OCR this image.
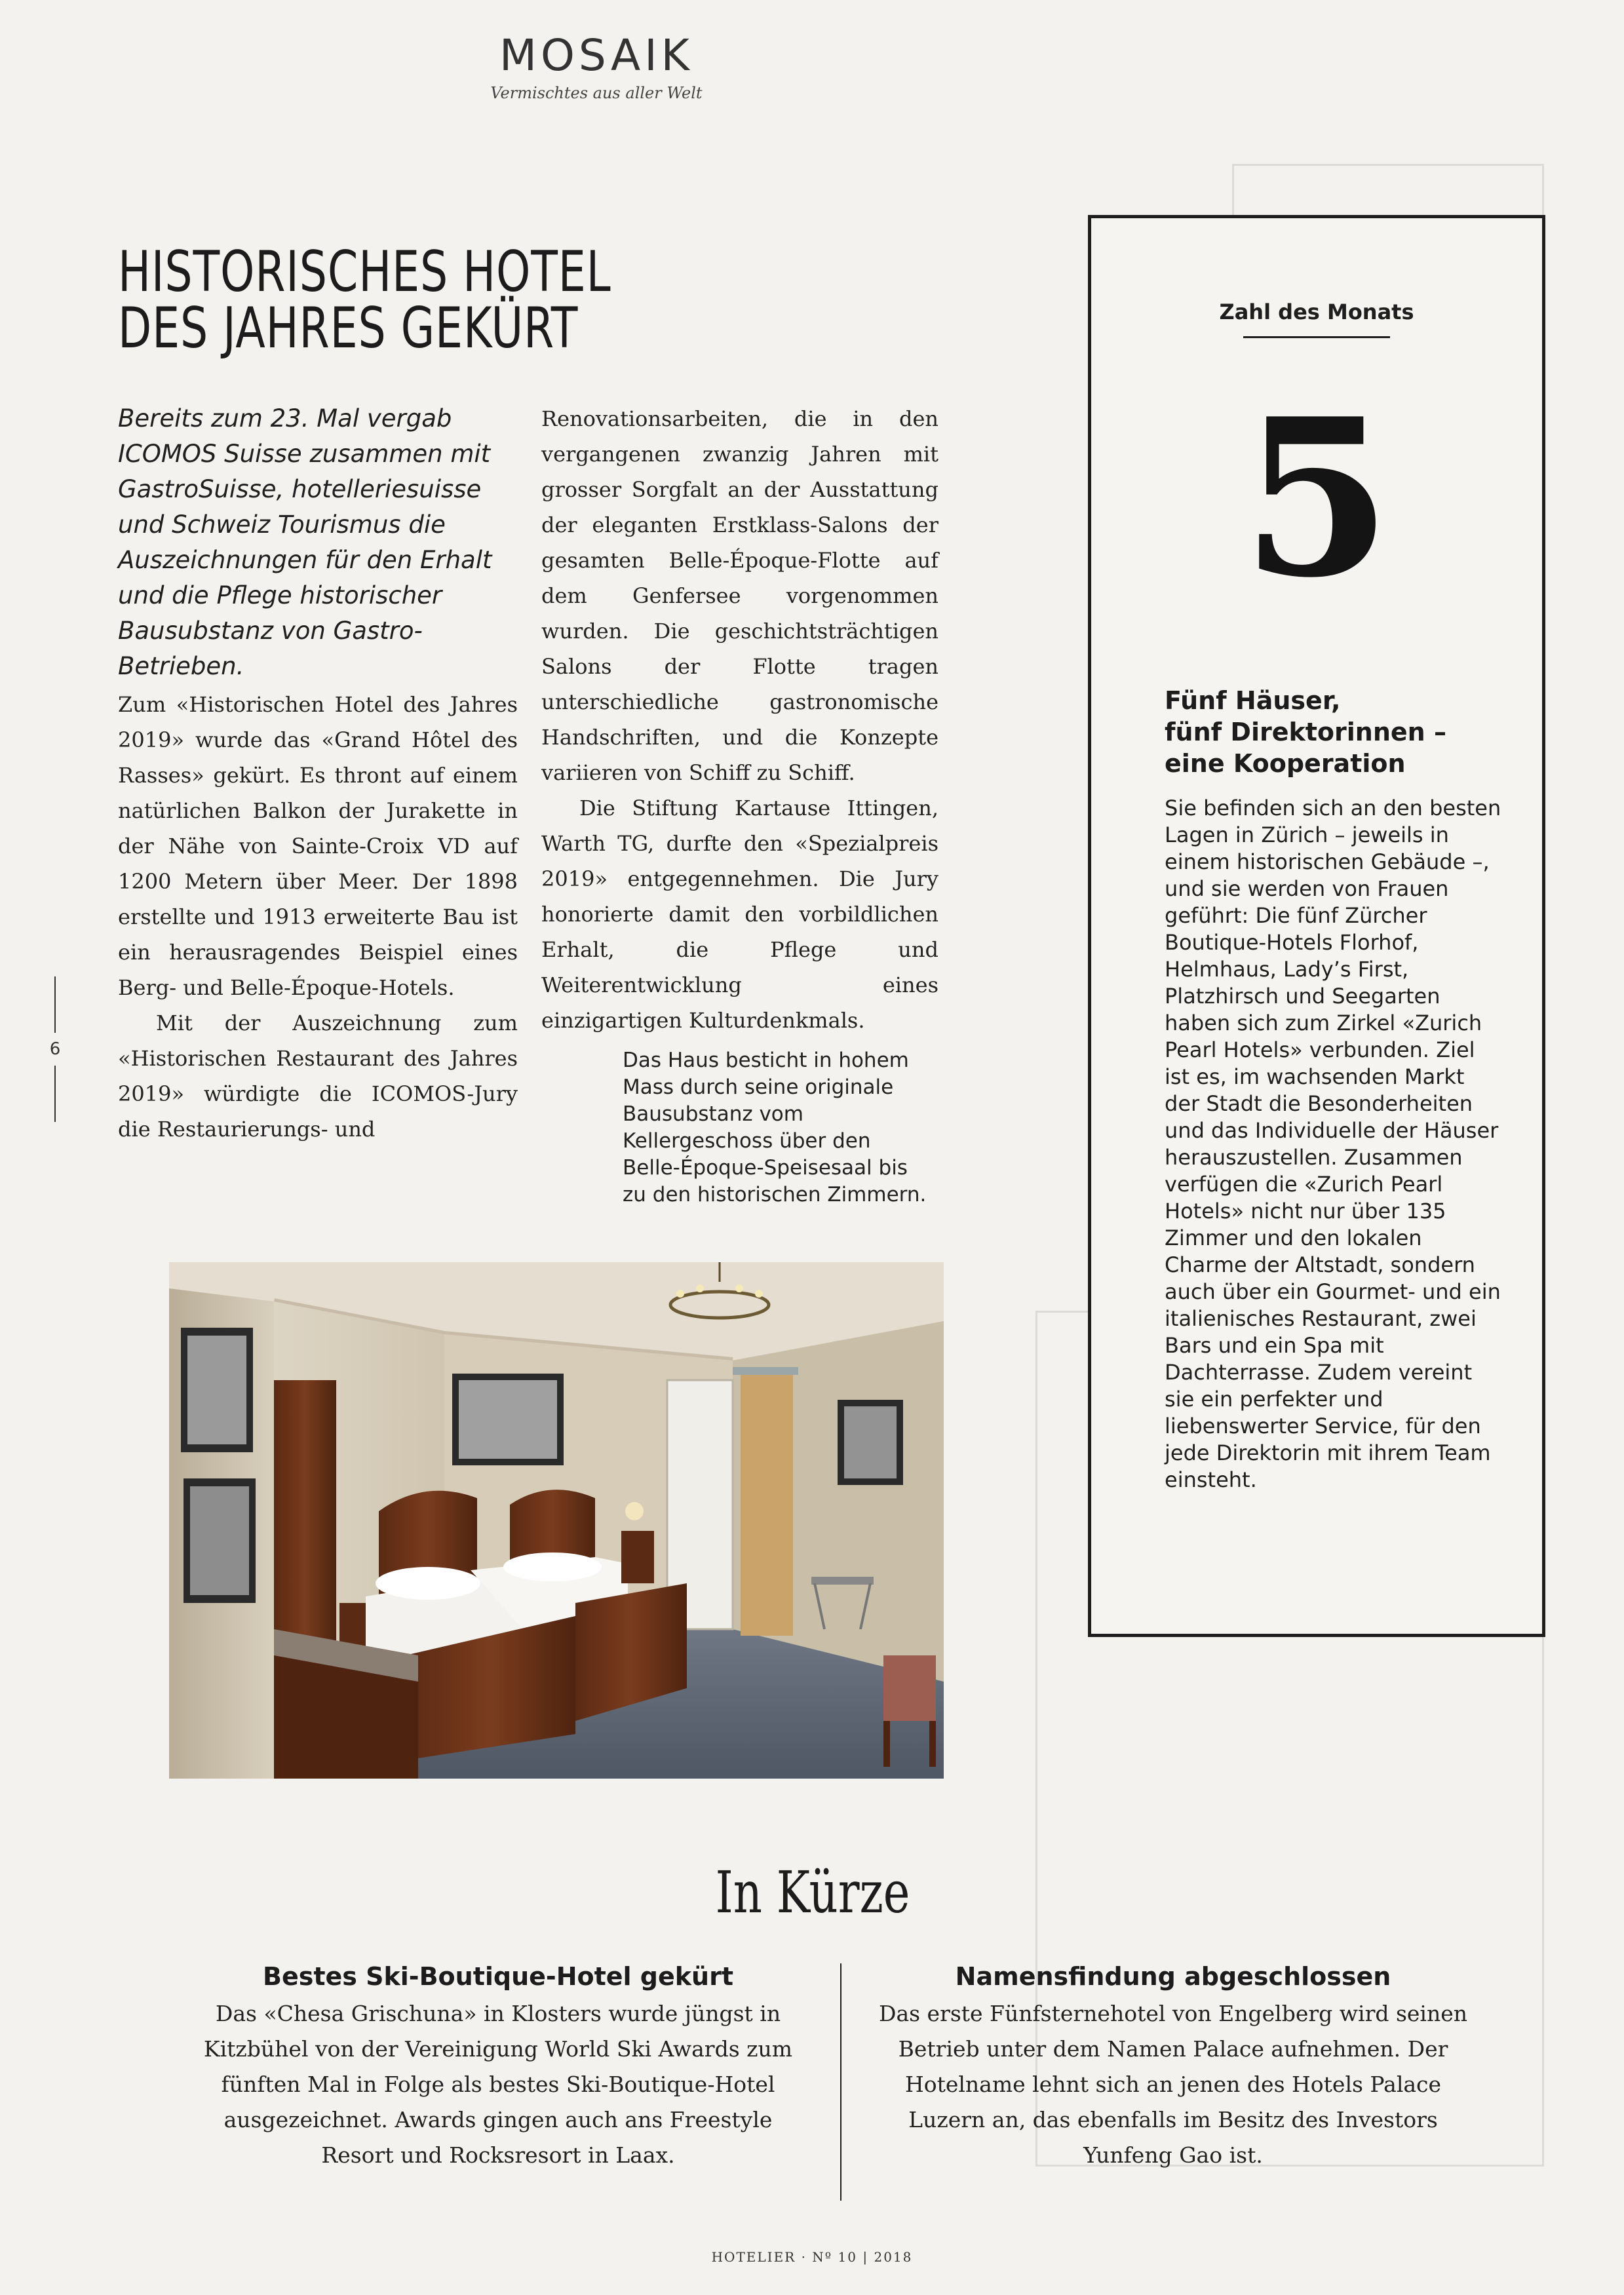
MOSAIK
Vermischtes aus aller Welt
HISTORISCHES HOTEL
DES JAHRES GEKÜRT
Bereits zum 23. Mal vergab ICOMOS Suisse zusammen mit GastroSuisse, hotelleriesuisse und Schweiz Tourismus die Auszeichnungen für den Erhalt und die Pflege historischer Bausubstanz von Gastro-Betrieben.

Zum «Historischen Hotel des Jahres 2019» wurde das «Grand Hôtel des Rasses» gekürt. Es thront auf einem natürlichen Balkon der Jurakette in der Nähe von Sainte-Croix VD auf 1200 Metern über Meer. Der 1898 erstellte und 1913 erweiterte Bau ist ein herausragendes Beispiel eines Berg- und Belle-Époque-Hotels.

Mit der Auszeichnung zum «Historischen Restaurant des Jahres 2019» würdigte die ICOMOS-Jury die Restaurierungs- und

Renovationsarbeiten, die in den vergangenen zwanzig Jahren mit grosser Sorgfalt an der Ausstattung der eleganten Erstklass-Salons der gesamten Belle-Époque-Flotte auf dem Genfersee vorgenommen wurden. Die geschichtsträchtigen Salons der Flotte tragen unterschiedliche gastronomische Handschriften, und die Konzepte variieren von Schiff zu Schiff.

Die Stiftung Kartause Ittingen, Warth TG, durfte den «Spezialpreis 2019» entgegennehmen. Die Jury honorierte damit den vorbildlichen Erhalt, die Pflege und Weiterentwicklung eines einzigartigen Kulturdenkmals.

Das Haus besticht in hohem Mass durch seine originale Bausubstanz vom Kellergeschoss über den Belle-Époque-Speisesaal bis zu den historischen Zimmern.
6
Zahl des Monats
5
Fünf Häuser,
fünf Direktorinnen –
eine Kooperation
Sie befinden sich an den besten Lagen in Zürich – jeweils in einem historischen Gebäude –, und sie werden von Frauen geführt: Die fünf Zürcher Boutique-Hotels Florhof, Helmhaus, Lady’s First, Platzhirsch und Seegarten haben sich zum Zirkel «Zurich Pearl Hotels» verbunden. Ziel ist es, im wachsenden Markt der Stadt die Besonderheiten und das Individuelle der Häuser herauszustellen. Zusammen verfügen die «Zurich Pearl Hotels» nicht nur über 135 Zimmer und den lokalen Charme der Altstadt, sondern auch über ein Gourmet- und ein italienisches Restaurant, zwei Bars und ein Spa mit Dachterrasse. Zudem vereint sie ein perfekter und liebenswerter Service, für den jede Direktorin mit ihrem Team einsteht.
In Kürze
Bestes Ski-Boutique-Hotel gekürt
Das «Chesa Grischuna» in Klosters wurde jüngst in Kitzbühel von der Vereinigung World Ski Awards zum fünften Mal in Folge als bestes Ski-Boutique-Hotel ausgezeichnet. Awards gingen auch ans Freestyle Resort und Rocksresort in Laax.
Namensfindung abgeschlossen
Das erste Fünfsternehotel von Engelberg wird seinen Betrieb unter dem Namen Palace aufnehmen. Der Hotelname lehnt sich an jenen des Hotels Palace Luzern an, das ebenfalls im Besitz des Investors Yunfeng Gao ist.
HOTELIER · Nº 10 | 2018
